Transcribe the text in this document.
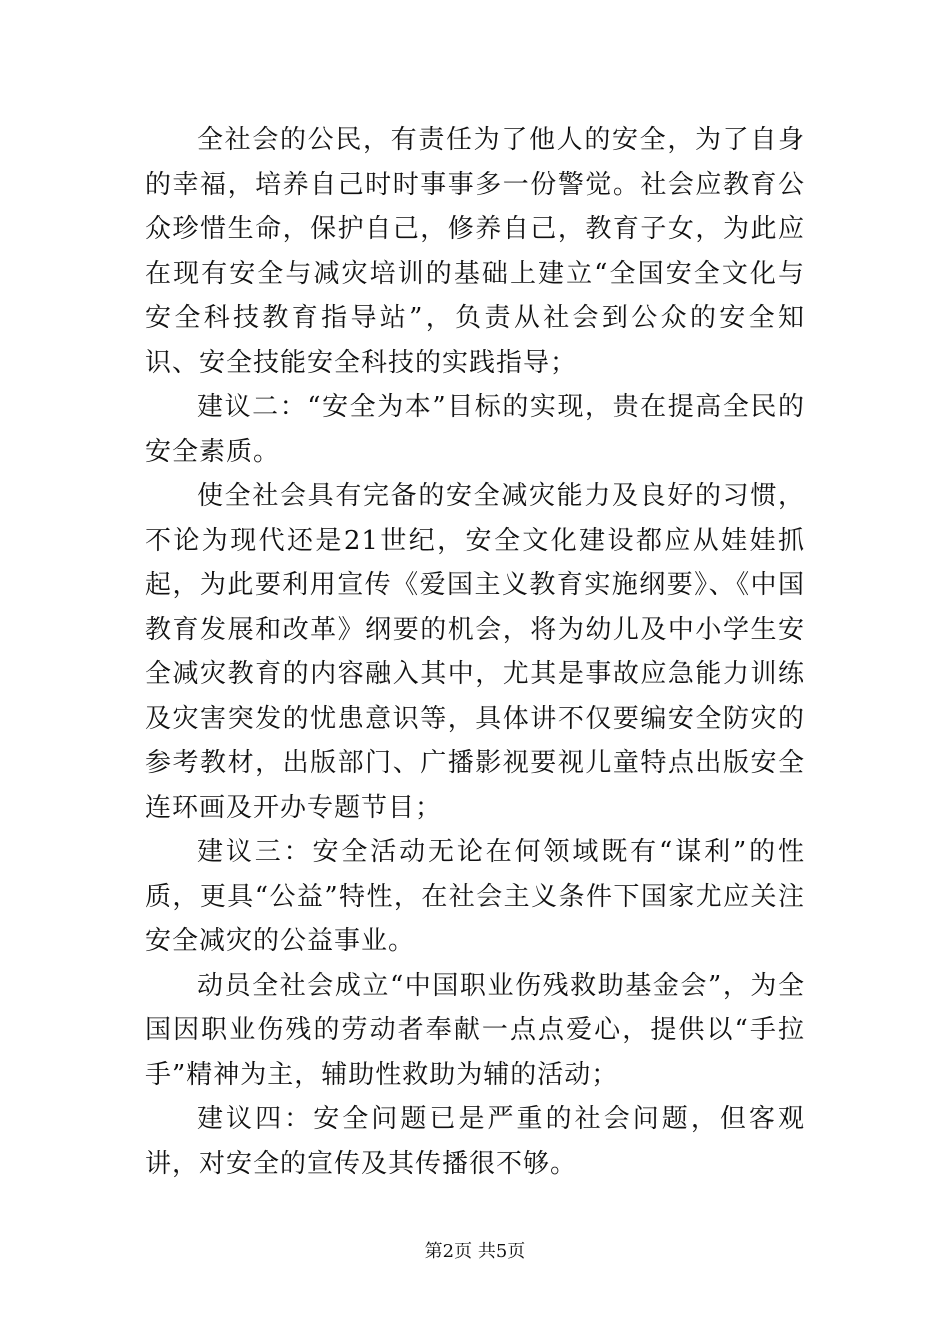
全社会的公民，有责任为了他人的安全，为了自身的幸福，培养自己时时事事多一份警觉。社会应教育公众珍惜生命，保护自己，修养自己，教育子女，为此应在现有安全与减灾培训的基础上建立“全国安全文化与安全科技教育指导站”，负责从社会到公众的安全知识、安全技能安全科技的实践指导；

建议二：“安全为本”目标的实现，贵在提高全民的安全素质。

使全社会具有完备的安全减灾能力及良好的习惯，不论为现代还是21世纪，安全文化建设都应从娃娃抓起，为此要利用宣传《爱国主义教育实施纲要》、《中国教育发展和改革》纲要的机会，将为幼儿及中小学生安全减灾教育的内容融入其中，尤其是事故应急能力训练及灾害突发的忧患意识等，具体讲不仅要编安全防灾的参考教材，出版部门、广播影视要视儿童特点出版安全连环画及开办专题节目；

建议三：安全活动无论在何领域既有“谋利”的性质，更具“公益”特性，在社会主义条件下国家尤应关注安全减灾的公益事业。

动员全社会成立“中国职业伤残救助基金会”，为全国因职业伤残的劳动者奉献一点点爱心，提供以“手拉手”精神为主，辅助性救助为辅的活动；

建议四：安全问题已是严重的社会问题，但客观讲，对安全的宣传及其传播很不够。

第2页 共5页
